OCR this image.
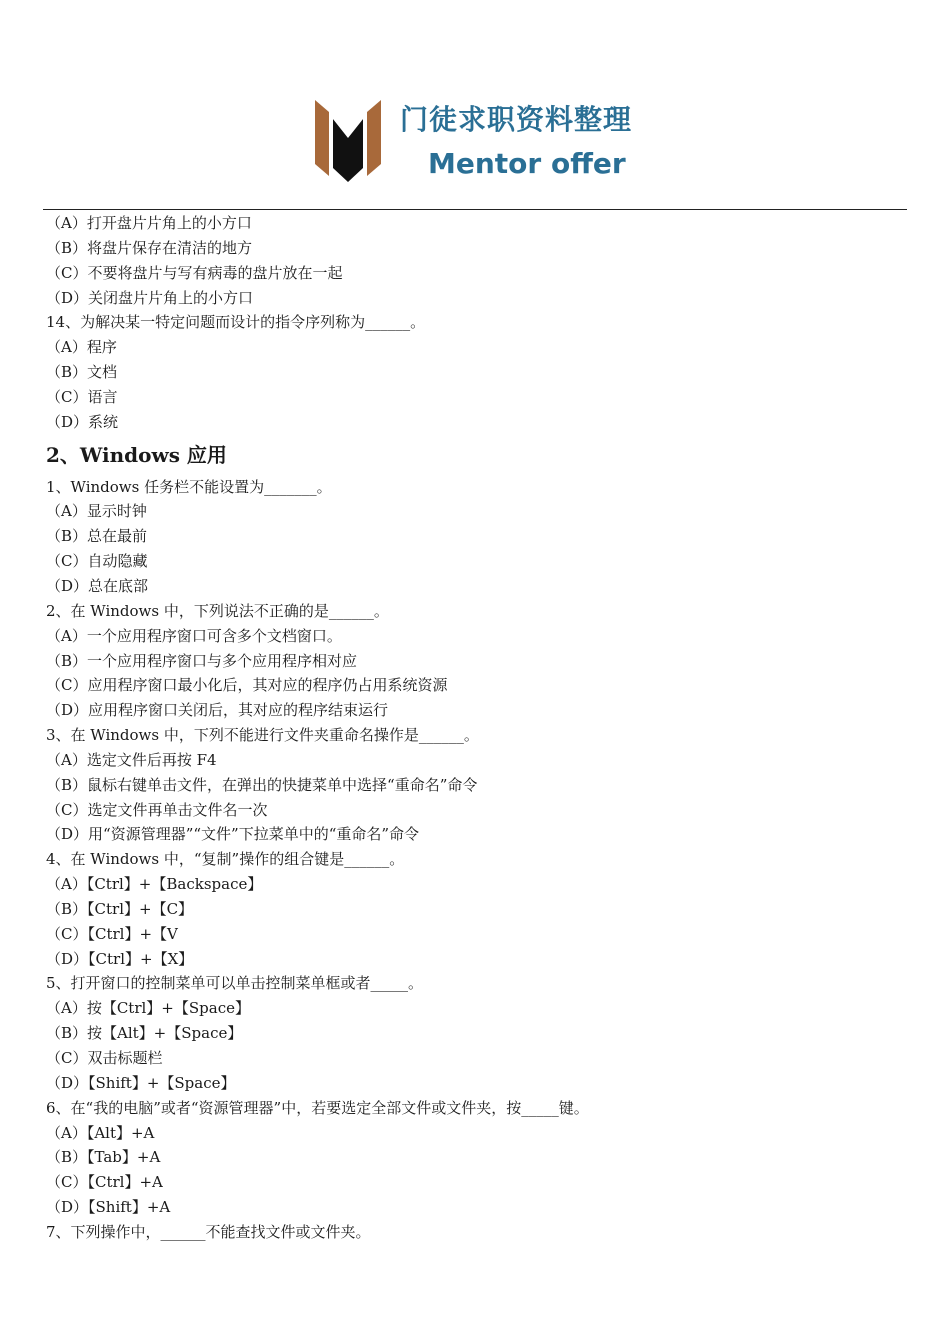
门徒求职资料整理
Mentor offer
（A）打开盘片片角上的小方口
（B）将盘片保存在清洁的地方
（C）不要将盘片与写有病毒的盘片放在一起
（D）关闭盘片片角上的小方口
14、为解决某一特定问题而设计的指令序列称为______。
（A）程序
（B）文档
（C）语言
（D）系统
2、Windows 应用
1、Windows 任务栏不能设置为_______。
（A）显示时钟
（B）总在最前
（C）自动隐藏
（D）总在底部
2、在 Windows 中，下列说法不正确的是______。
（A）一个应用程序窗口可含多个文档窗口。
（B）一个应用程序窗口与多个应用程序相对应
（C）应用程序窗口最小化后，其对应的程序仍占用系统资源
（D）应用程序窗口关闭后，其对应的程序结束运行
3、在 Windows 中，下列不能进行文件夹重命名操作是______。
（A）选定文件后再按 F4
（B）鼠标右键单击文件，在弹出的快捷菜单中选择“重命名”命令
（C）选定文件再单击文件名一次
（D）用“资源管理器”“文件”下拉菜单中的“重命名”命令
4、在 Windows 中，“复制”操作的组合键是______。
（A）【Ctrl】+【Backspace】
（B）【Ctrl】+【C】
（C）【Ctrl】+【V
（D）【Ctrl】+【X】
5、打开窗口的控制菜单可以单击控制菜单框或者_____。
（A）按【Ctrl】+【Space】
（B）按【Alt】+【Space】
（C）双击标题栏
（D）【Shift】+【Space】
6、在“我的电脑”或者“资源管理器”中，若要选定全部文件或文件夹，按_____键。
（A）【Alt】+A
（B）【Tab】+A
（C）【Ctrl】+A
（D）【Shift】+A
7、下列操作中，______不能查找文件或文件夹。
